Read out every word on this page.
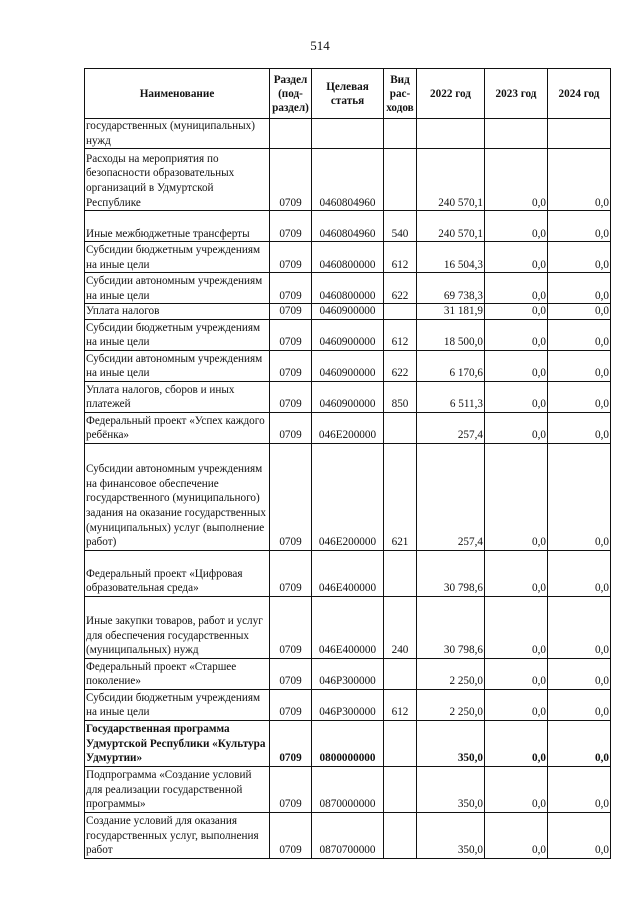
514
Наименование	Раздел (под-раздел)	Целевая статья	Вид рас-ходов	2022 год	2023 год	2024 год
государственных (муниципальных) нужд						
Расходы на мероприятия по безопасности образовательных организаций в Удмуртской Республике	0709	0460804960		240 570,1	0,0	0,0
Иные межбюджетные трансферты	0709	0460804960	540	240 570,1	0,0	0,0
Субсидии бюджетным учреждениям на иные цели	0709	0460800000	612	16 504,3	0,0	0,0
Субсидии автономным учреждениям на иные цели	0709	0460800000	622	69 738,3	0,0	0,0
Уплата налогов	0709	0460900000		31 181,9	0,0	0,0
Субсидии бюджетным учреждениям на иные цели	0709	0460900000	612	18 500,0	0,0	0,0
Субсидии автономным учреждениям на иные цели	0709	0460900000	622	6 170,6	0,0	0,0
Уплата налогов, сборов и иных платежей	0709	0460900000	850	6 511,3	0,0	0,0
Федеральный проект «Успех каждого ребёнка»	0709	046E200000		257,4	0,0	0,0
Субсидии автономным учреждениям на финансовое обеспечение государственного (муниципального) задания на оказание государственных (муниципальных) услуг (выполнение работ)	0709	046E200000	621	257,4	0,0	0,0
Федеральный проект «Цифровая образовательная среда»	0709	046E400000		30 798,6	0,0	0,0
Иные закупки товаров, работ и услуг для обеспечения государственных (муниципальных) нужд	0709	046E400000	240	30 798,6	0,0	0,0
Федеральный проект «Старшее поколение»	0709	046P300000		2 250,0	0,0	0,0
Субсидии бюджетным учреждениям на иные цели	0709	046P300000	612	2 250,0	0,0	0,0
Государственная программа Удмуртской Республики «Культура Удмуртии»	0709	0800000000		350,0	0,0	0,0
Подпрограмма «Создание условий для реализации государственной программы»	0709	0870000000		350,0	0,0	0,0
Создание условий для оказания государственных услуг, выполнения работ	0709	0870700000		350,0	0,0	0,0
